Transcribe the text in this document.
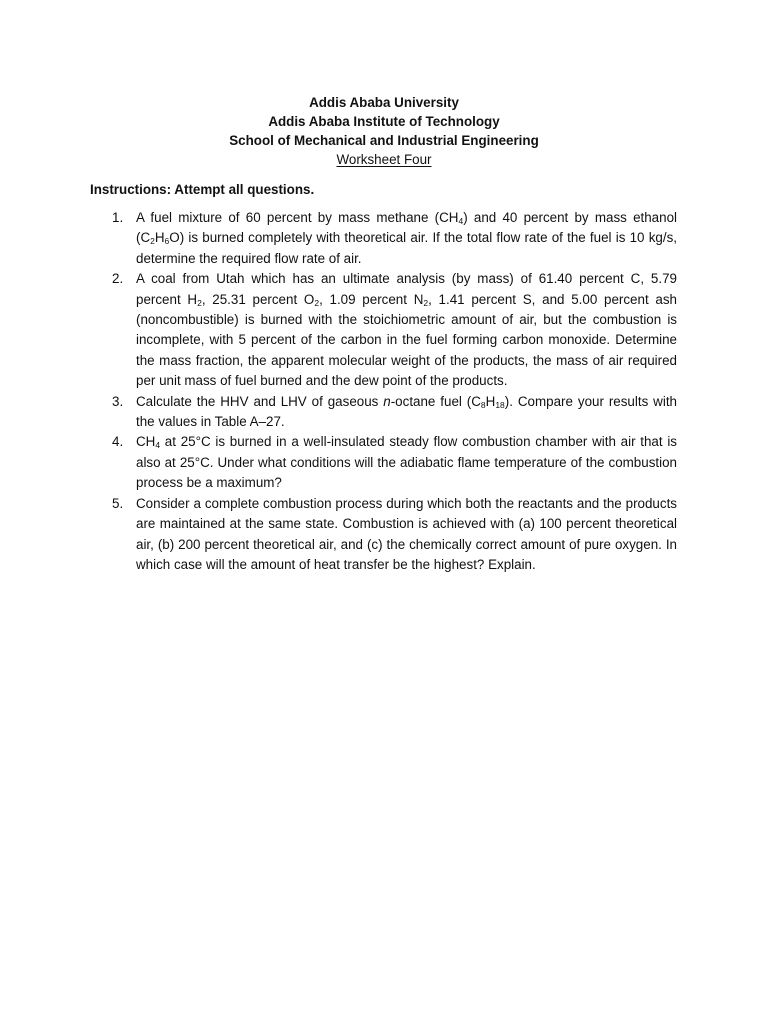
Addis Ababa University
Addis Ababa Institute of Technology
School of Mechanical and Industrial Engineering
Worksheet Four
Instructions: Attempt all questions.
1. A fuel mixture of 60 percent by mass methane $(CH_4)$ and 40 percent by mass ethanol $(C_2H_6O)$ is burned completely with theoretical air. If the total flow rate of the fuel is 10 kg/s, determine the required flow rate of air.
2. A coal from Utah which has an ultimate analysis (by mass) of 61.40 percent C, 5.79 percent $H_2$, 25.31 percent $O_2$, 1.09 percent $N_2$, 1.41 percent S, and 5.00 percent ash (noncombustible) is burned with the stoichiometric amount of air, but the combustion is incomplete, with 5 percent of the carbon in the fuel forming carbon monoxide. Determine the mass fraction, the apparent molecular weight of the products, the mass of air required per unit mass of fuel burned and the dew point of the products.
3. Calculate the HHV and LHV of gaseous n-octane fuel $(C_8H_{18})$. Compare your results with the values in Table A–27.
4. $CH_4$ at 25°C is burned in a well-insulated steady flow combustion chamber with air that is also at 25°C. Under what conditions will the adiabatic flame temperature of the combustion process be a maximum?
5. Consider a complete combustion process during which both the reactants and the products are maintained at the same state. Combustion is achieved with (a) 100 percent theoretical air, (b) 200 percent theoretical air, and (c) the chemically correct amount of pure oxygen. In which case will the amount of heat transfer be the highest? Explain.
